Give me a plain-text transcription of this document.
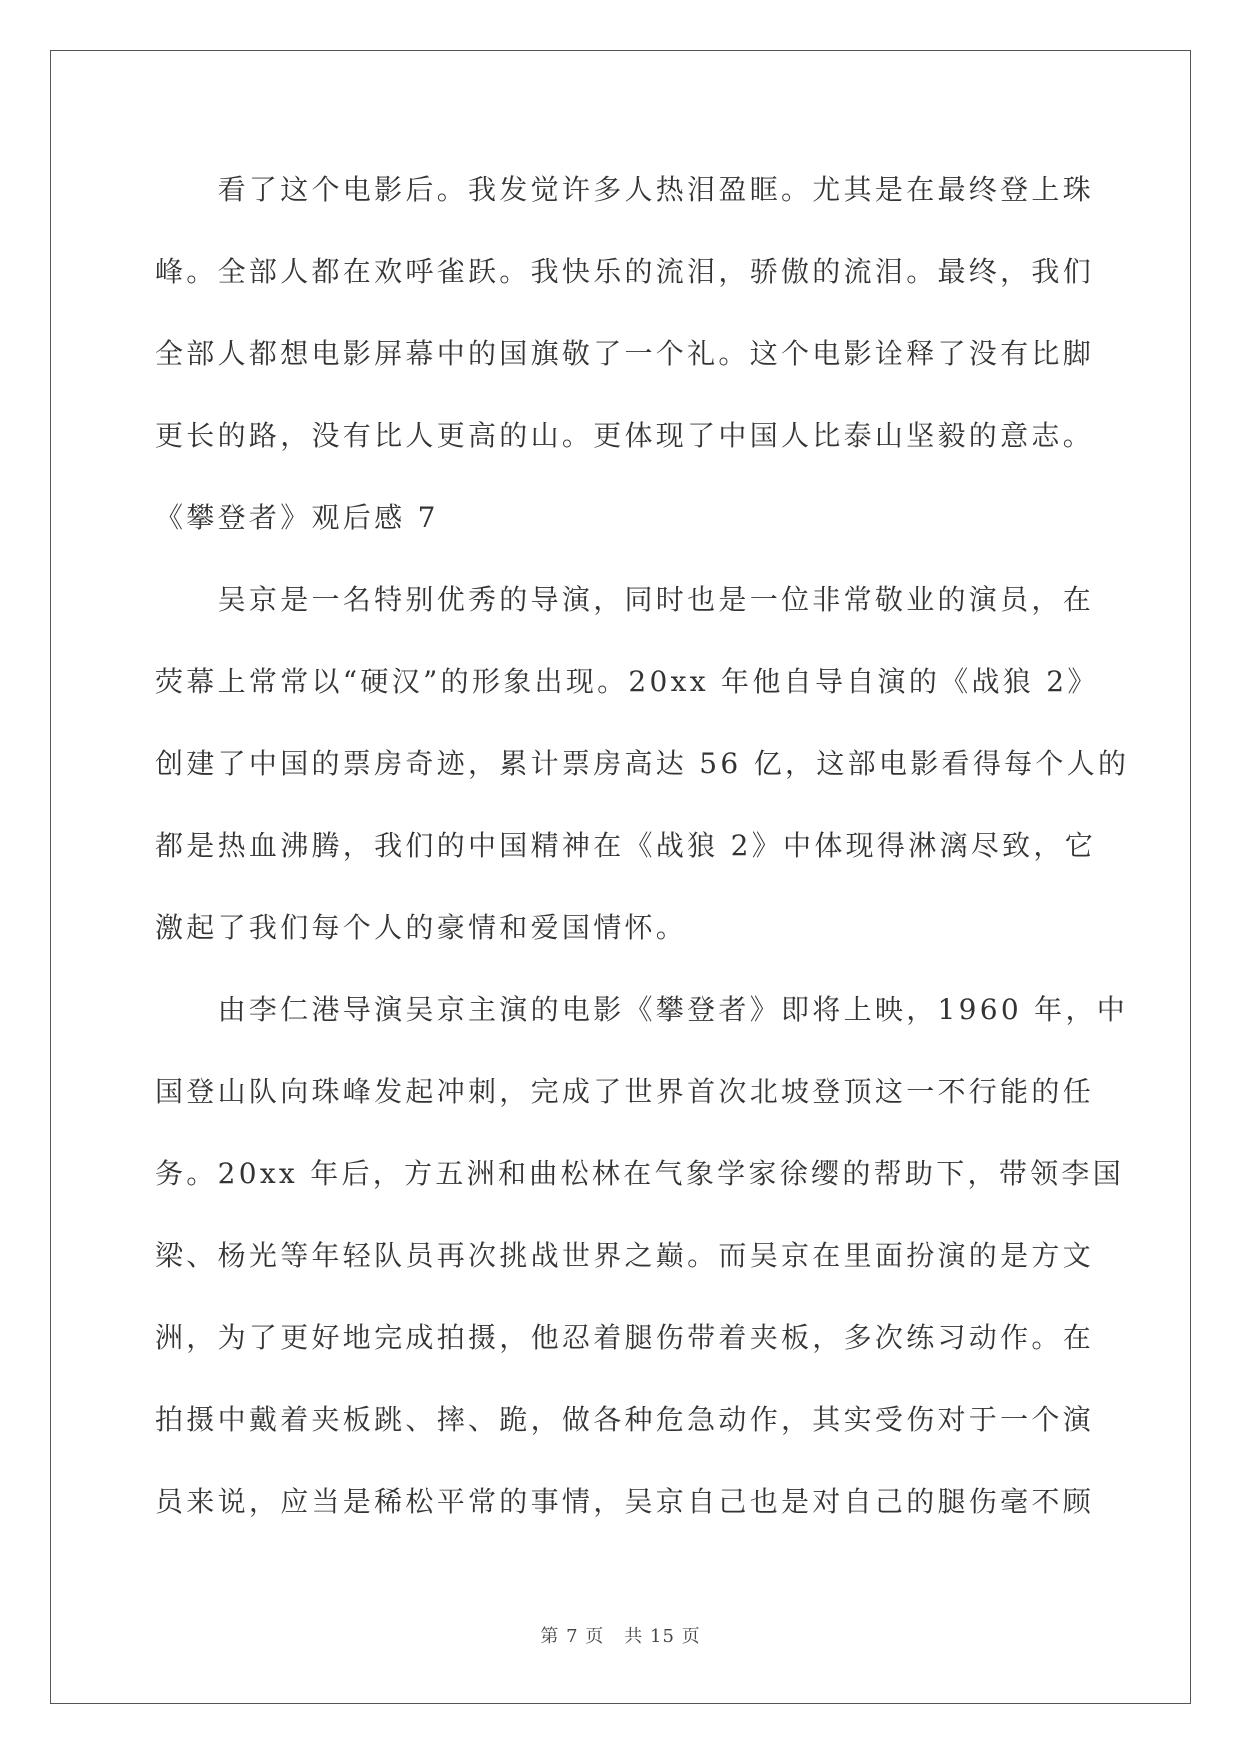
　　看了这个电影后。我发觉许多人热泪盈眶。尤其是在最终登上珠
峰。全部人都在欢呼雀跃。我快乐的流泪，骄傲的流泪。最终，我们
全部人都想电影屏幕中的国旗敬了一个礼。这个电影诠释了没有比脚
更长的路，没有比人更高的山。更体现了中国人比泰山坚毅的意志。
《攀登者》观后感 7
　　吴京是一名特别优秀的导演，同时也是一位非常敬业的演员，在
荧幕上常常以“硬汉”的形象出现。20xx 年他自导自演的《战狼 2》
创建了中国的票房奇迹，累计票房高达 56 亿，这部电影看得每个人的
都是热血沸腾，我们的中国精神在《战狼 2》中体现得淋漓尽致，它
激起了我们每个人的豪情和爱国情怀。
　　由李仁港导演吴京主演的电影《攀登者》即将上映，1960 年，中
国登山队向珠峰发起冲刺，完成了世界首次北坡登顶这一不行能的任
务。20xx 年后，方五洲和曲松林在气象学家徐缨的帮助下，带领李国
梁、杨光等年轻队员再次挑战世界之巅。而吴京在里面扮演的是方文
洲，为了更好地完成拍摄，他忍着腿伤带着夹板，多次练习动作。在
拍摄中戴着夹板跳、摔、跪，做各种危急动作，其实受伤对于一个演
员来说，应当是稀松平常的事情，吴京自己也是对自己的腿伤毫不顾
第 7 页 共 15 页
